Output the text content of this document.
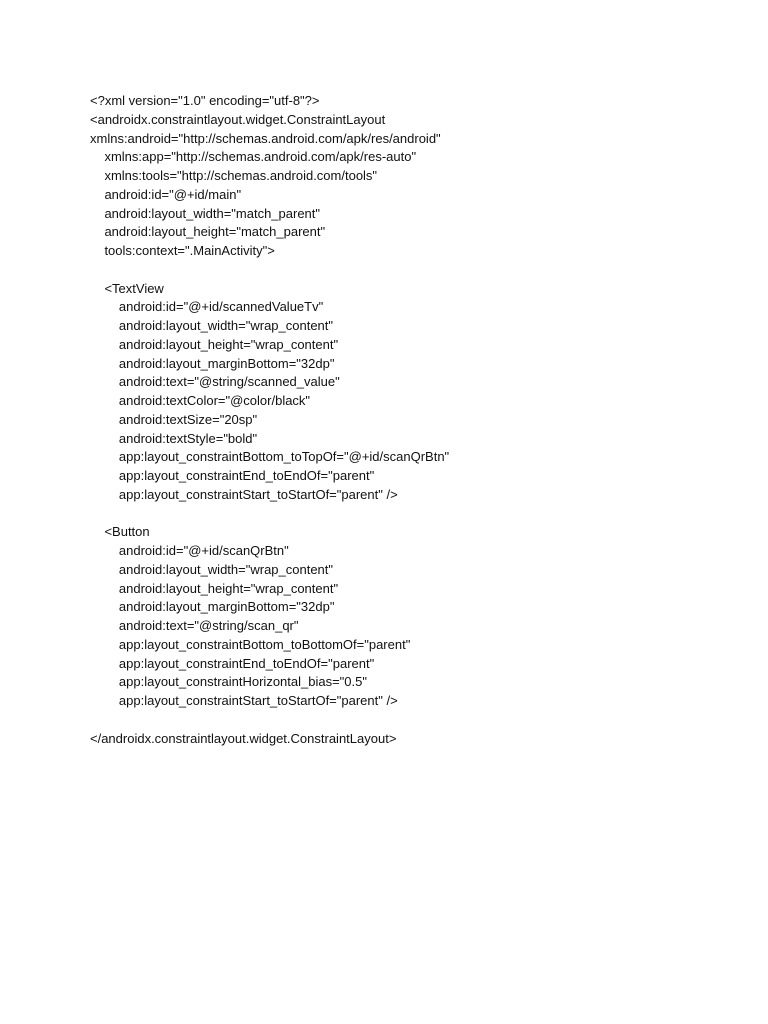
<?xml version="1.0" encoding="utf-8"?>
<androidx.constraintlayout.widget.ConstraintLayout
xmlns:android="http://schemas.android.com/apk/res/android"
xmlns:app="http://schemas.android.com/apk/res-auto"
xmlns:tools="http://schemas.android.com/tools"
android:id="@+id/main"
android:layout_width="match_parent"
android:layout_height="match_parent"
tools:context=".MainActivity">
<TextView
android:id="@+id/scannedValueTv"
android:layout_width="wrap_content"
android:layout_height="wrap_content"
android:layout_marginBottom="32dp"
android:text="@string/scanned_value"
android:textColor="@color/black"
android:textSize="20sp"
android:textStyle="bold"
app:layout_constraintBottom_toTopOf="@+id/scanQrBtn"
app:layout_constraintEnd_toEndOf="parent"
app:layout_constraintStart_toStartOf="parent" />
<Button
android:id="@+id/scanQrBtn"
android:layout_width="wrap_content"
android:layout_height="wrap_content"
android:layout_marginBottom="32dp"
android:text="@string/scan_qr"
app:layout_constraintBottom_toBottomOf="parent"
app:layout_constraintEnd_toEndOf="parent"
app:layout_constraintHorizontal_bias="0.5"
app:layout_constraintStart_toStartOf="parent" />
</androidx.constraintlayout.widget.ConstraintLayout>
